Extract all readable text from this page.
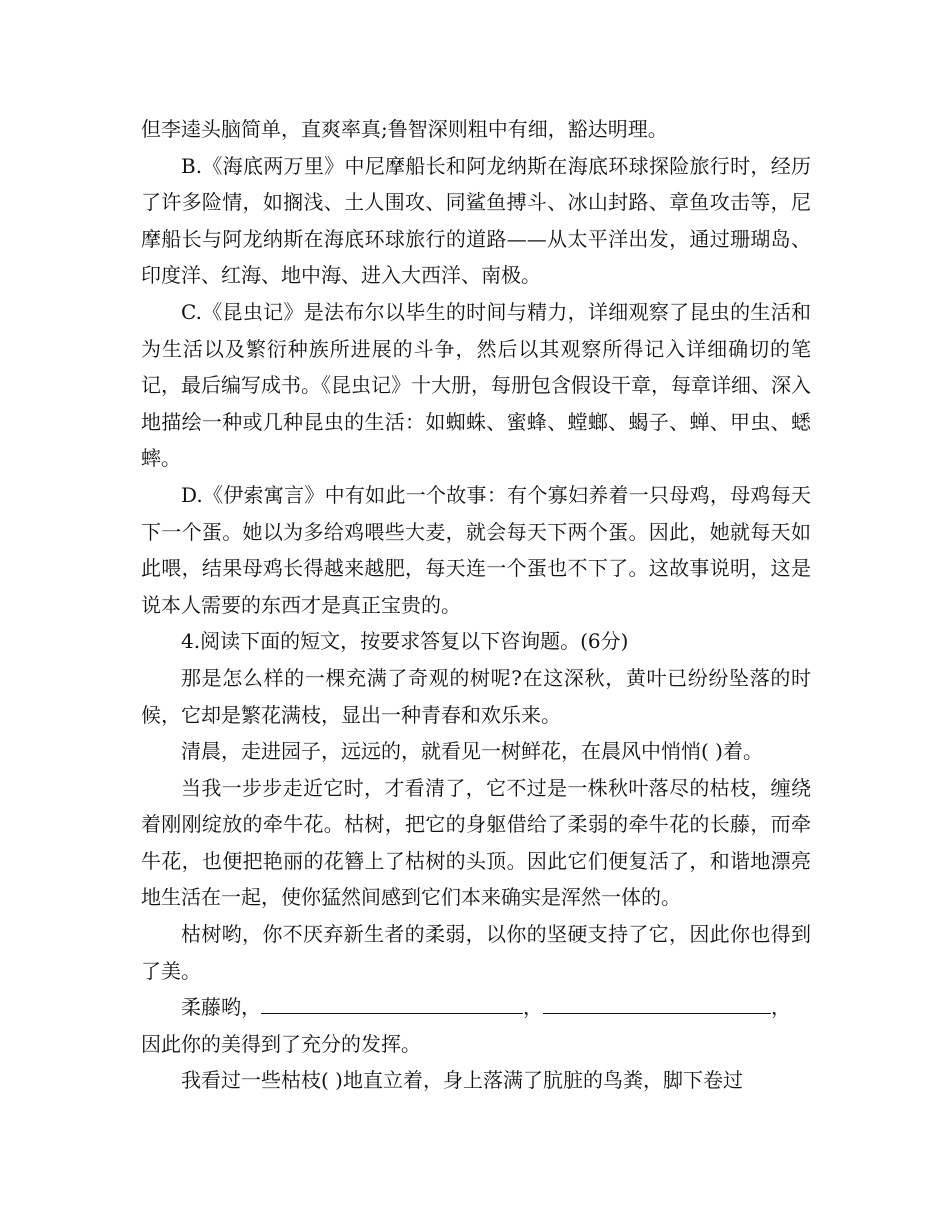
但李逵头脑简单，直爽率真;鲁智深则粗中有细，豁达明理。

B.《海底两万里》中尼摩船长和阿龙纳斯在海底环球探险旅行时，经历了许多险情，如搁浅、土人围攻、同鲨鱼搏斗、冰山封路、章鱼攻击等，尼摩船长与阿龙纳斯在海底环球旅行的道路——从太平洋出发，通过珊瑚岛、印度洋、红海、地中海、进入大西洋、南极。

C.《昆虫记》是法布尔以毕生的时间与精力，详细观察了昆虫的生活和为生活以及繁衍种族所进展的斗争，然后以其观察所得记入详细确切的笔记，最后编写成书。《昆虫记》十大册，每册包含假设干章，每章详细、深入地描绘一种或几种昆虫的生活：如蜘蛛、蜜蜂、螳螂、蝎子、蝉、甲虫、蟋蟀。

D.《伊索寓言》中有如此一个故事：有个寡妇养着一只母鸡，母鸡每天下一个蛋。她以为多给鸡喂些大麦，就会每天下两个蛋。因此，她就每天如此喂，结果母鸡长得越来越肥，每天连一个蛋也不下了。这故事说明，这是说本人需要的东西才是真正宝贵的。

4.阅读下面的短文，按要求答复以下咨询题。(6分)

那是怎么样的一棵充满了奇观的树呢?在这深秋，黄叶已纷纷坠落的时候，它却是繁花满枝，显出一种青春和欢乐来。

清晨，走进园子，远远的，就看见一树鲜花，在晨风中悄悄( )着。

当我一步步走近它时，才看清了，它不过是一株秋叶落尽的枯枝，缠绕着刚刚绽放的牵牛花。枯树，把它的身躯借给了柔弱的牵牛花的长藤，而牵牛花，也便把艳丽的花簪上了枯树的头顶。因此它们便复活了，和谐地漂亮地生活在一起，使你猛然间感到它们本来确实是浑然一体的。

枯树哟，你不厌弃新生者的柔弱，以你的坚硬支持了它，因此你也得到了美。

柔藤哟，	，	，
因此你的美得到了充分的发挥。

我看过一些枯枝( )地直立着，身上落满了肮脏的鸟粪，脚下卷过
